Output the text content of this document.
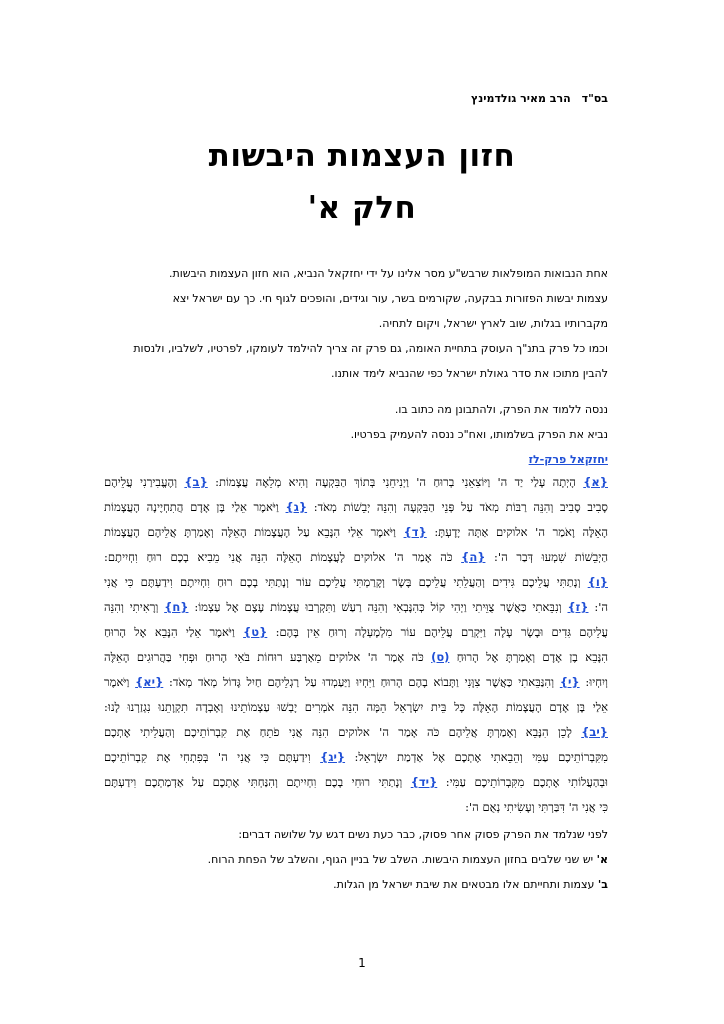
בס"ד
הרב מאיר גולדמינץ
חזון העצמות היבשות
חלק א'
אחת הנבואות המופלאות שרבש"ע מסר אלינו על ידי יחזקאל הנביא, הוא חזון העצמות היבשות.
עצמות יבשות הפזורות בבקעה, שקורמים בשר, עור וגידים, והופכים לגוף חי. כך עם ישראל יצא
מקברותיו בגלות, שוב לארץ ישראל, ויקום לתחיה.
וכמו כל פרק בתנ"ך העוסק בתחיית האומה, גם פרק זה צריך להילמד לעומקו, לפרטיו, לשלביו, ולנסות
להבין מתוכו את סדר גאולת ישראל כפי שהנביא לימד אותנו.
ננסה ללמוד את הפרק, ולהתבונן מה כתוב בו.
נביא את הפרק בשלמותו, ואח"כ ננסה להעמיק בפרטיו.
יחזקאל פרק-לז
{א} הָיְתָה עָלַי יַד ה' וַיּוֹצִאֵנִי בְרוּחַ ה' וַיְנִיחֵנִי בְּתוֹךְ הַבִּקְעָה וְהִיא מְלֵאָה עֲצָמוֹת: {ב} וְהֶעֱבִירַנִי עֲלֵיהֶם
סָבִיב סָבִיב וְהִנֵּה רַבּוֹת מְאֹד עַל פְּנֵי הַבִּקְעָה וְהִנֵּה יְבֵשׁוֹת מְאֹד: {ג} וַיֹּאמֶר אֵלַי בֶּן אָדָם הֲתִחְיֶינָה הָעֲצָמוֹת
הָאֵלֶּה וָאֹמַר ה' אלוקים אַתָּה יָדָעְתָּ: {ד} וַיֹּאמֶר אֵלַי הִנָּבֵא עַל הָעֲצָמוֹת הָאֵלֶּה וְאָמַרְתָּ אֲלֵיהֶם הָעֲצָמוֹת
הַיְבֵשׁוֹת שִׁמְעוּ דְּבַר ה': {ה} כֹּה אָמַר ה' אלוקים לָעֲצָמוֹת הָאֵלֶּה הִנֵּה אֲנִי מֵבִיא בָכֶם רוּחַ וִחְיִיתֶם:
{ו} וְנָתַתִּי עֲלֵיכֶם גִּידִים וְהַעֲלֵתִי עֲלֵיכֶם בָּשָׂר וְקָרַמְתִּי עֲלֵיכֶם עוֹר וְנָתַתִּי בָכֶם רוּחַ וִחְיִיתֶם וִידַעְתֶּם כִּי אֲנִי
ה': {ז} וְנִבֵּאתִי כַּאֲשֶׁר צֻוֵּיתִי וַיְהִי קוֹל כְּהִנָּבְאִי וְהִנֵּה רַעַשׁ וַתִּקְרְבוּ עֲצָמוֹת עֶצֶם אֶל עַצְמוֹ: {ח} וְרָאִיתִי וְהִנֵּה
עֲלֵיהֶם גִּדִים וּבָשָׂר עָלָה וַיִּקְרַם עֲלֵיהֶם עוֹר מִלְמָעְלָה וְרוּחַ אֵין בָּהֶם: {ט} וַיֹּאמֶר אֵלַי הִנָּבֵא אֶל הָרוּחַ
הִנָּבֵא בֶן אָדָם וְאָמַרְתָּ אֶל הָרוּחַ (ס) כֹּה אָמַר ה' אלוקים מֵאַרְבַּע רוּחוֹת בֹּאִי הָרוּחַ וּפְחִי בַּהֲרוּגִים הָאֵלֶּה
וְיִחְיוּ: {י} וְהִנַּבֵּאתִי כַּאֲשֶׁר צִוָּנִי וַתָּבוֹא בָהֶם הָרוּחַ וַיִּחְיוּ וַיַּעַמְדוּ עַל רַגְלֵיהֶם חַיִל גָּדוֹל מְאֹד מְאֹד: {יא} וַיֹּאמֶר
אֵלַי בֶּן אָדָם הָעֲצָמוֹת הָאֵלֶּה כָּל בֵּית יִשְׂרָאֵל הֵמָּה הִנֵּה אֹמְרִים יָבְשׁוּ עַצְמוֹתֵינוּ וְאָבְדָה תִקְוָתֵנוּ נִגְזַרְנוּ לָנוּ:
{יב} לָכֵן הִנָּבֵא וְאָמַרְתָּ אֲלֵיהֶם כֹּה אָמַר ה' אלוקים הִנֵּה אֲנִי פֹתֵחַ אֶת קִבְרוֹתֵיכֶם וְהַעֲלֵיתִי אֶתְכֶם
מִקִּבְרוֹתֵיכֶם עַמִּי וְהֵבֵאתִי אֶתְכֶם אֶל אַדְמַת יִשְׂרָאֵל: {יג} וִידַעְתֶּם כִּי אֲנִי ה' בְּפִתְחִי אֶת קִבְרוֹתֵיכֶם
וּבְהַעֲלוֹתִי אֶתְכֶם מִקִּבְרוֹתֵיכֶם עַמִּי: {יד} וְנָתַתִּי רוּחִי בָכֶם וִחְיִיתֶם וְהִנַּחְתִּי אֶתְכֶם עַל אַדְמַתְכֶם וִידַעְתֶּם
כִּי אֲנִי ה' דִּבַּרְתִּי וְעָשִׂיתִי נְאֻם ה':
לפני שנלמד את הפרק פסוק אחר פסוק, כבר כעת נשים דגש על שלושה דברים:
א' יש שני שלבים בחזון העצמות היבשות. השלב של בניין הגוף, והשלב של הפחת הרוח.
ב' עצמות ותחייתם אלו מבטאים את שיבת ישראל מן הגלות.
1
